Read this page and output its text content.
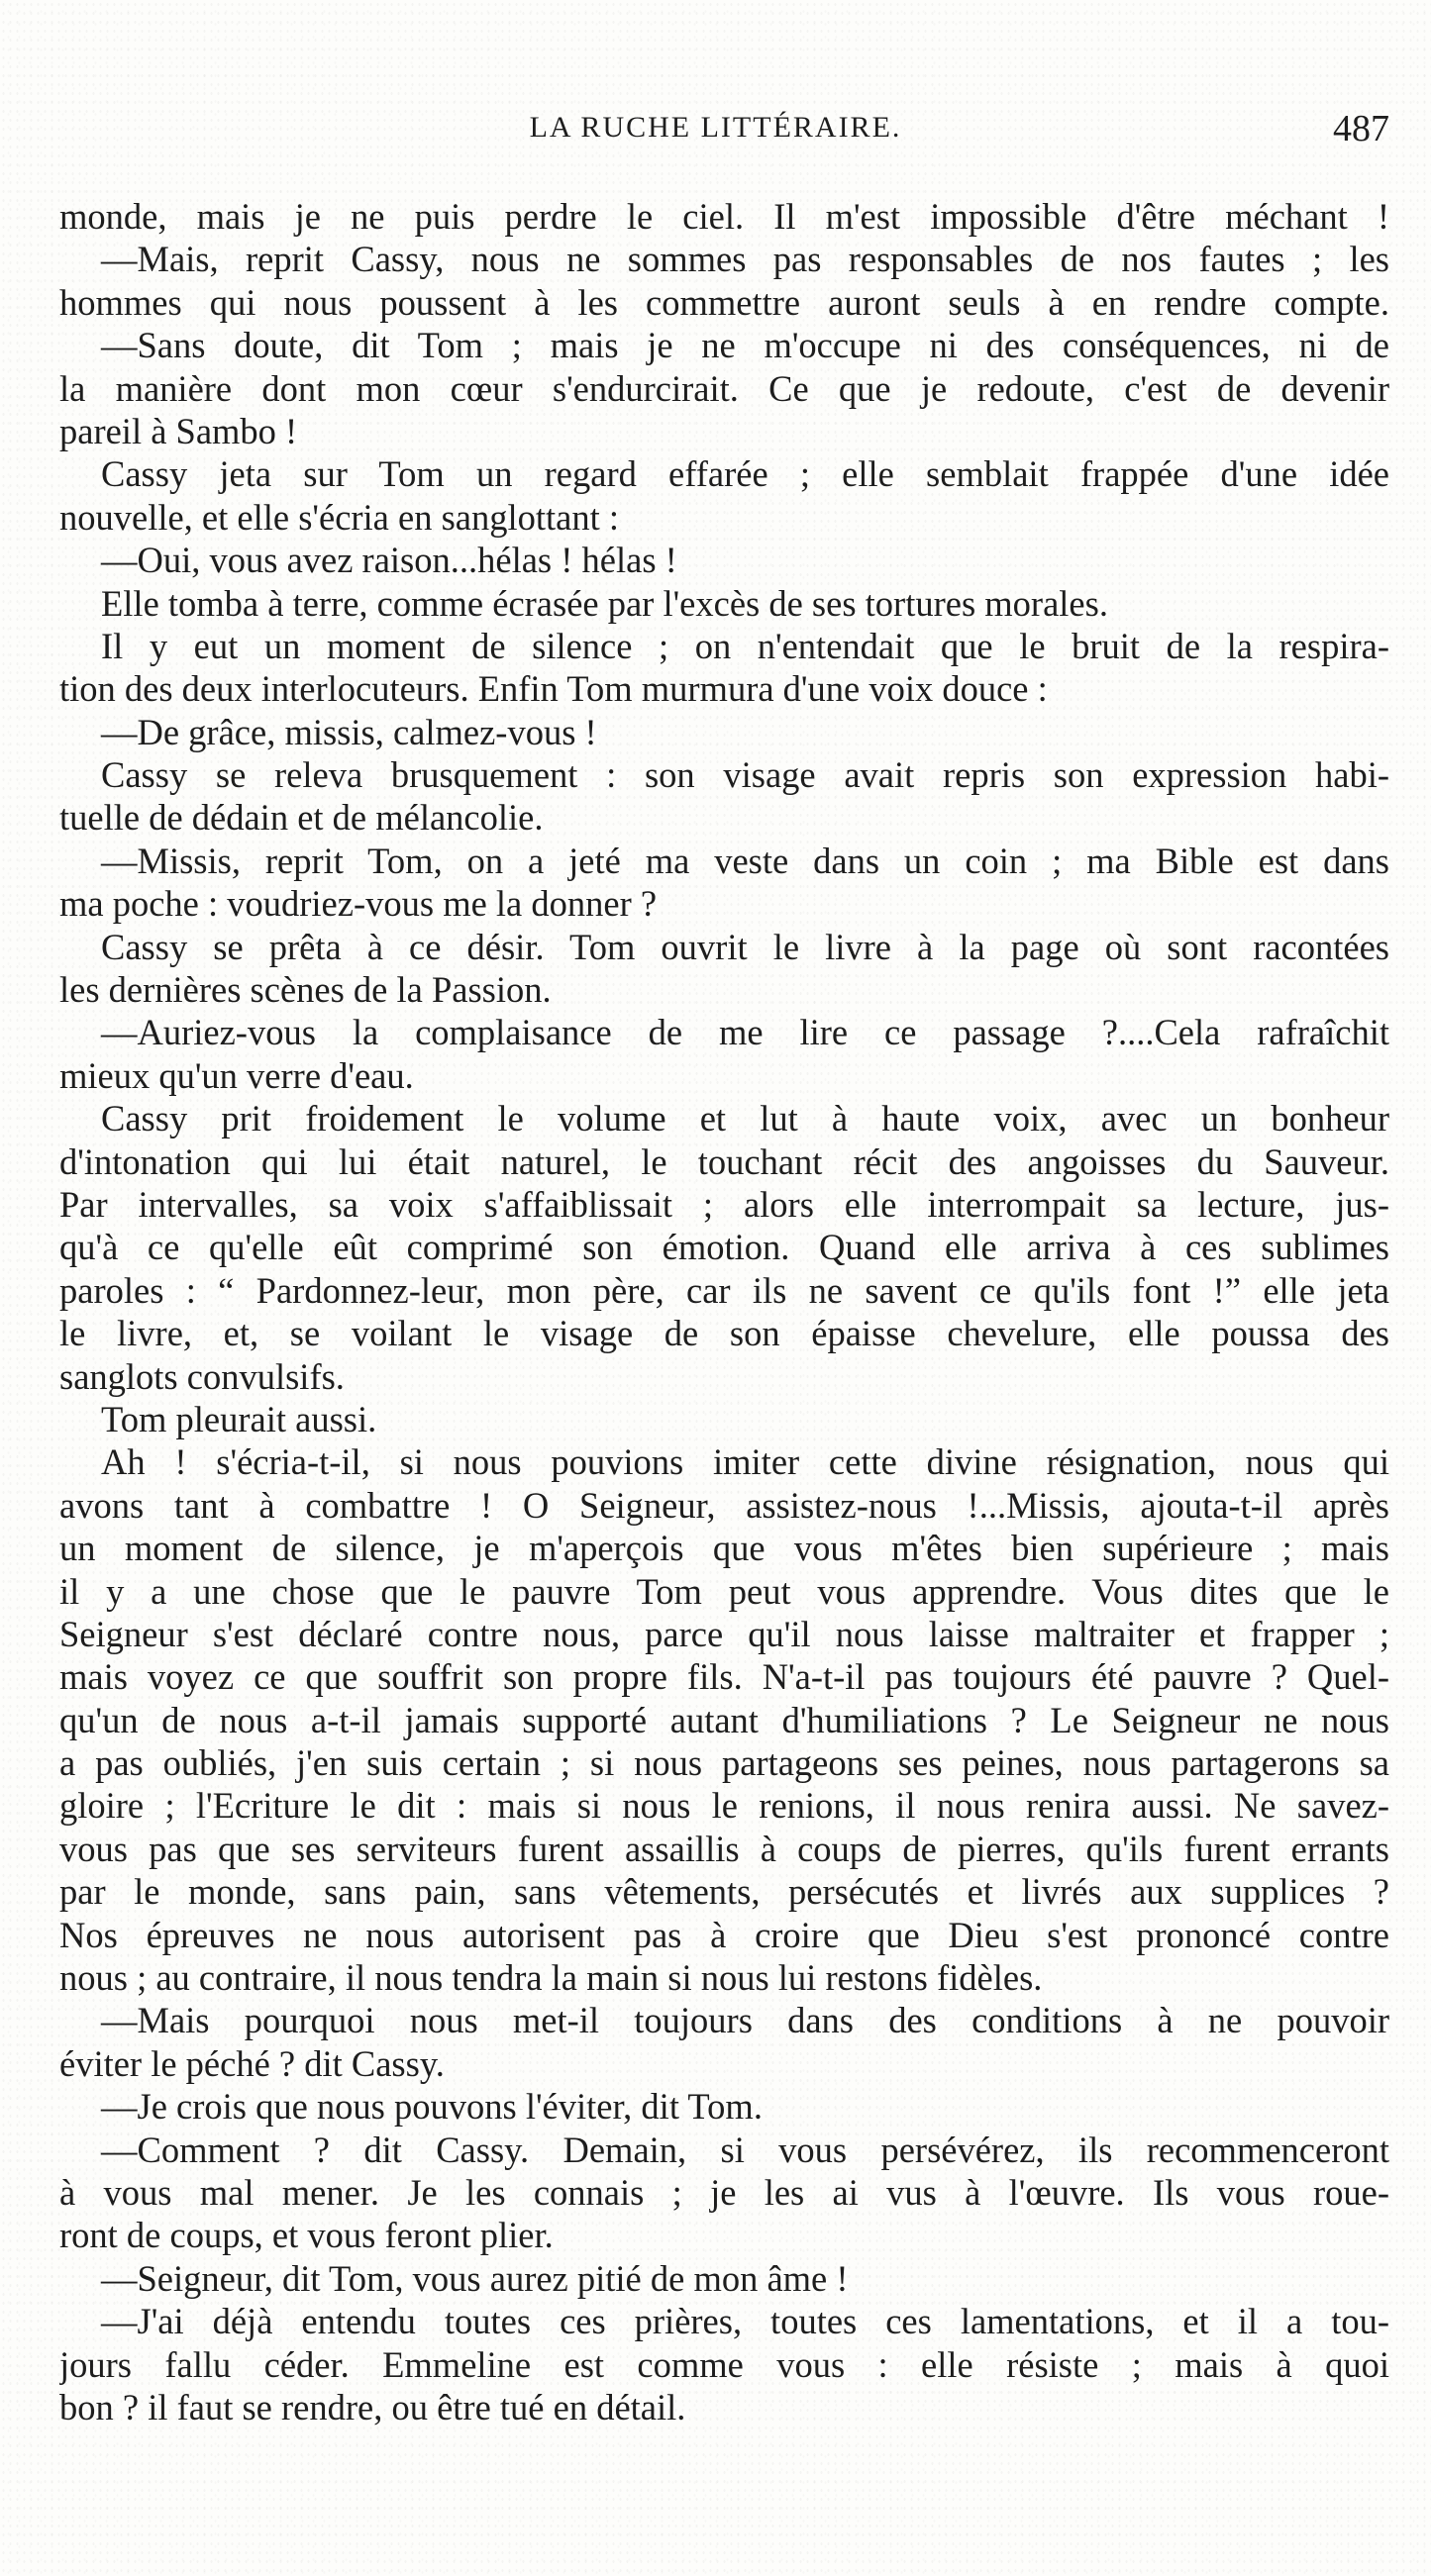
LA RUCHE LITTÉRAIRE.	487
monde, mais je ne puis perdre le ciel. Il m'est impossible d'être méchant !
—Mais, reprit Cassy, nous ne sommes pas responsables de nos fautes ; les
hommes qui nous poussent à les commettre auront seuls à en rendre compte.
—Sans doute, dit Tom ; mais je ne m'occupe ni des conséquences, ni de
la manière dont mon cœur s'endurcirait. Ce que je redoute, c'est de devenir
pareil à Sambo !
Cassy jeta sur Tom un regard effarée ; elle semblait frappée d'une idée
nouvelle, et elle s'écria en sanglottant :
—Oui, vous avez raison...hélas ! hélas !
Elle tomba à terre, comme écrasée par l'excès de ses tortures morales.
Il y eut un moment de silence ; on n'entendait que le bruit de la respira-
tion des deux interlocuteurs. Enfin Tom murmura d'une voix douce :
—De grâce, missis, calmez-vous !
Cassy se releva brusquement : son visage avait repris son expression habi-
tuelle de dédain et de mélancolie.
—Missis, reprit Tom, on a jeté ma veste dans un coin ; ma Bible est dans
ma poche : voudriez-vous me la donner ?
Cassy se prêta à ce désir. Tom ouvrit le livre à la page où sont racontées
les dernières scènes de la Passion.
—Auriez-vous la complaisance de me lire ce passage ?....Cela rafraîchit
mieux qu'un verre d'eau.
Cassy prit froidement le volume et lut à haute voix, avec un bonheur
d'intonation qui lui était naturel, le touchant récit des angoisses du Sauveur.
Par intervalles, sa voix s'affaiblissait ; alors elle interrompait sa lecture, jus-
qu'à ce qu'elle eût comprimé son émotion. Quand elle arriva à ces sublimes
paroles : “ Pardonnez-leur, mon père, car ils ne savent ce qu'ils font !” elle jeta
le livre, et, se voilant le visage de son épaisse chevelure, elle poussa des
sanglots convulsifs.
Tom pleurait aussi.
Ah ! s'écria-t-il, si nous pouvions imiter cette divine résignation, nous qui
avons tant à combattre ! O Seigneur, assistez-nous !...Missis, ajouta-t-il après
un moment de silence, je m'aperçois que vous m'êtes bien supérieure ; mais
il y a une chose que le pauvre Tom peut vous apprendre. Vous dites que le
Seigneur s'est déclaré contre nous, parce qu'il nous laisse maltraiter et frapper ;
mais voyez ce que souffrit son propre fils. N'a-t-il pas toujours été pauvre ? Quel-
qu'un de nous a-t-il jamais supporté autant d'humiliations ? Le Seigneur ne nous
a pas oubliés, j'en suis certain ; si nous partageons ses peines, nous partagerons sa
gloire ; l'Ecriture le dit : mais si nous le renions, il nous renira aussi. Ne savez-
vous pas que ses serviteurs furent assaillis à coups de pierres, qu'ils furent errants
par le monde, sans pain, sans vêtements, persécutés et livrés aux supplices ?
Nos épreuves ne nous autorisent pas à croire que Dieu s'est prononcé contre
nous ; au contraire, il nous tendra la main si nous lui restons fidèles.
—Mais pourquoi nous met-il toujours dans des conditions à ne pouvoir
éviter le péché ? dit Cassy.
—Je crois que nous pouvons l'éviter, dit Tom.
—Comment ? dit Cassy. Demain, si vous persévérez, ils recommenceront
à vous mal mener. Je les connais ; je les ai vus à l'œuvre. Ils vous roue-
ront de coups, et vous feront plier.
—Seigneur, dit Tom, vous aurez pitié de mon âme !
—J'ai déjà entendu toutes ces prières, toutes ces lamentations, et il a tou-
jours fallu céder. Emmeline est comme vous : elle résiste ; mais à quoi
bon ? il faut se rendre, ou être tué en détail.
